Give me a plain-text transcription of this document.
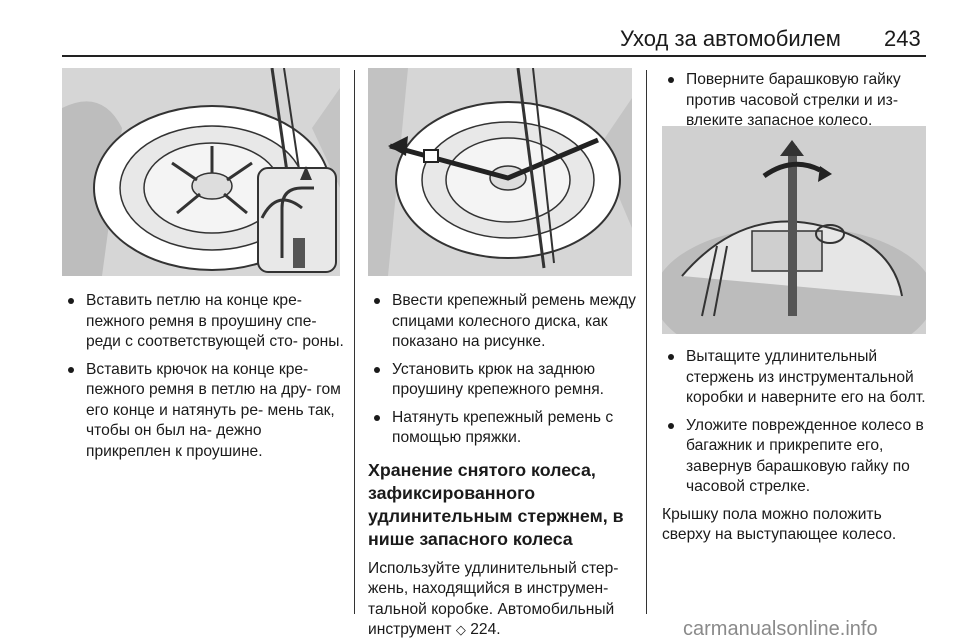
Уход за автомобилем 243
Вставить петлю на конце кре- пежного ремня в проушину спе- реди с соответствующей сто- роны.
Вставить крючок на конце кре- пежного ремня в петлю на дру- гом его конце и натянуть ре- мень так, чтобы он был на- дежно прикреплен к проушине.
Ввести крепежный ремень между спицами колесного диска, как показано на рисунке.
Установить крюк на заднюю проушину крепежного ремня.
Натянуть крепежный ремень с помощью пряжки.
Хранение снятого колеса, зафиксированного удлинительным стержнем, в нише запасного колеса

Используйте удлинительный стер- жень, находящийся в инструмен- тальной коробке. Автомобильный инструмент ◇ 224.

Поверните барашковую гайку против часовой стрелки и из- влеките запасное колесо.
Вытащите удлинительный стержень из инструментальной коробки и наверните его на болт.
Уложите поврежденное колесо в багажник и прикрепите его, завернув барашковую гайку по часовой стрелке.

Крышку пола можно положить сверху на выступающее колесо.

carmanualsonline.info
